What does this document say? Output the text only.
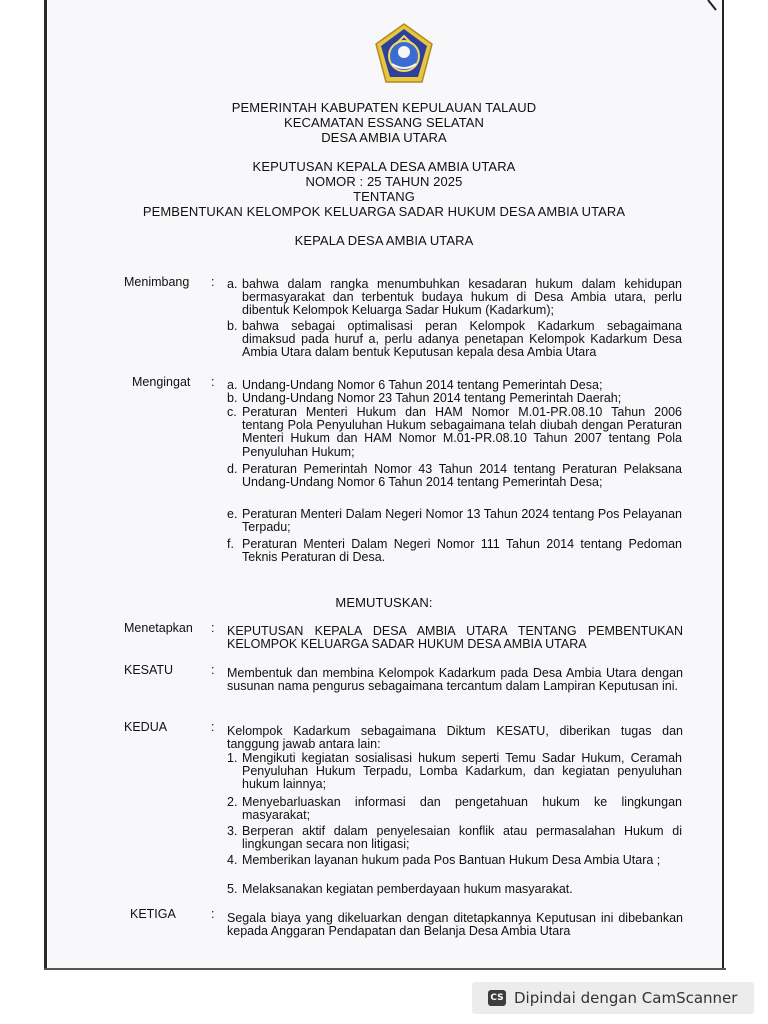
PEMERINTAH KABUPATEN KEPULAUAN TALAUD
KECAMATAN ESSANG SELATAN
DESA AMBIA UTARA
KEPUTUSAN KEPALA DESA AMBIA UTARA
NOMOR : 25 TAHUN 2025
TENTANG
PEMBENTUKAN KELOMPOK KELUARGA SADAR HUKUM DESA AMBIA UTARA
KEPALA DESA AMBIA UTARA
Menimbang : a. bahwa dalam rangka menumbuhkan kesadaran hukum dalam kehidupan bermasyarakat dan terbentuk budaya hukum di Desa Ambia utara, perlu dibentuk Kelompok Keluarga Sadar Hukum (Kadarkum);
b. bahwa sebagai optimalisasi peran Kelompok Kadarkum sebagaimana dimaksud pada huruf a, perlu adanya penetapan Kelompok Kadarkum Desa Ambia Utara dalam bentuk Keputusan kepala desa Ambia Utara
Mengingat : a. Undang-Undang Nomor 6 Tahun 2014 tentang Pemerintah Desa;
b. Undang-Undang Nomor 23 Tahun 2014 tentang Pemerintah Daerah;
c. Peraturan Menteri Hukum dan HAM Nomor M.01-PR.08.10 Tahun 2006 tentang Pola Penyuluhan Hukum sebagaimana telah diubah dengan Peraturan Menteri Hukum dan HAM Nomor M.01-PR.08.10 Tahun 2007 tentang Pola Penyuluhan Hukum;
d. Peraturan Pemerintah Nomor 43 Tahun 2014 tentang Peraturan Pelaksana Undang-Undang Nomor 6 Tahun 2014 tentang Pemerintah Desa;
e. Peraturan Menteri Dalam Negeri Nomor 13 Tahun 2024 tentang Pos Pelayanan Terpadu;
f. Peraturan Menteri Dalam Negeri Nomor 111 Tahun 2014 tentang Pedoman Teknis Peraturan di Desa.
MEMUTUSKAN:
Menetapkan : KEPUTUSAN KEPALA DESA AMBIA UTARA TENTANG PEMBENTUKAN KELOMPOK KELUARGA SADAR HUKUM DESA AMBIA UTARA
KESATU	: Membentuk dan membina Kelompok Kadarkum pada Desa Ambia Utara dengan susunan nama pengurus sebagaimana tercantum dalam Lampiran Keputusan ini.
KEDUA	: Kelompok Kadarkum sebagaimana Diktum KESATU, diberikan tugas dan tanggung jawab antara lain:
1. Mengikuti kegiatan sosialisasi hukum seperti Temu Sadar Hukum, Ceramah Penyuluhan Hukum Terpadu, Lomba Kadarkum, dan kegiatan penyuluhan hukum lainnya;
2. Menyebarluaskan informasi dan pengetahuan hukum ke lingkungan masyarakat;
3. Berperan aktif dalam penyelesaian konflik atau permasalahan Hukum di lingkungan secara non litigasi;
4. Memberikan layanan hukum pada Pos Bantuan Hukum Desa Ambia Utara ;
5. Melaksanakan kegiatan pemberdayaan hukum masyarakat.
KETIGA	: Segala biaya yang dikeluarkan dengan ditetapkannya Keputusan ini dibebankan kepada Anggaran Pendapatan dan Belanja Desa Ambia Utara
CS Dipindai dengan CamScanner
